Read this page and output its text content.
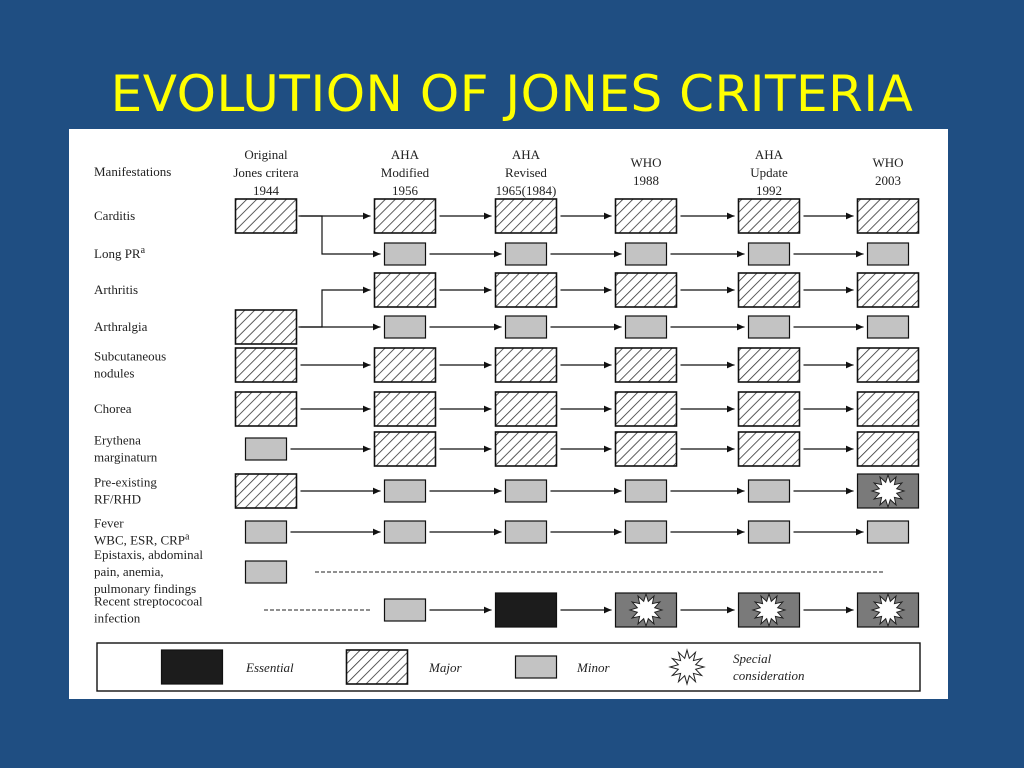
EVOLUTION OF JONES CRITERIA
Manifestations
Original
Jones critera
1944
AHA
Modified
1956
AHA
Revised
1965(1984)
WHO
1988
AHA
Update
1992
WHO
2003
Carditis
Long $PR^a$
Arthritis
Arthralgia
Subcutaneous
nodules
Chorea
Erythena
marginaturn
Pre-existing
RF/RHD
Fever
WBC, ESR, CRP$^a$
Epistaxis, abdominal
pain, anemia,
pulmonary findings
Recent streptococoal
infection
Essential	Major	Minor
Special
consideration
